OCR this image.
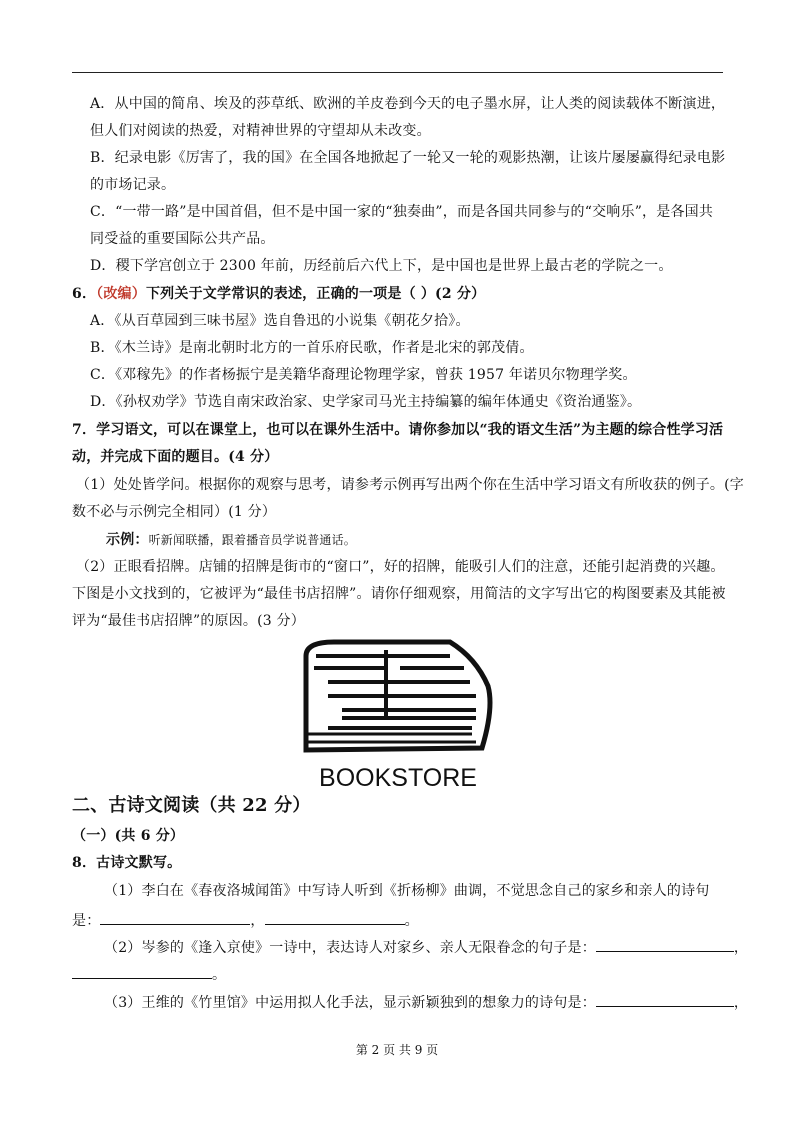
A．从中国的简帛、埃及的莎草纸、欧洲的羊皮卷到今天的电子墨水屏，让人类的阅读载体不断演进，
但人们对阅读的热爱，对精神世界的守望却从未改变。
B．纪录电影《厉害了，我的国》在全国各地掀起了一轮又一轮的观影热潮，让该片屡屡赢得纪录电影
的市场记录。
C．“一带一路”是中国首倡，但不是中国一家的“独奏曲”，而是各国共同参与的“交响乐”，是各国共
同受益的重要国际公共产品。
D．稷下学宫创立于 2300 年前，历经前后六代上下，是中国也是世界上最古老的学院之一。
6．（改编）下列关于文学常识的表述，正确的一项是（ ）(2 分）
A．《从百草园到三味书屋》选自鲁迅的小说集《朝花夕拾》。
B．《木兰诗》是南北朝时北方的一首乐府民歌，作者是北宋的郭茂倩。
C．《邓稼先》的作者杨振宁是美籍华裔理论物理学家，曾获 1957 年诺贝尔物理学奖。
D．《孙权劝学》节选自南宋政治家、史学家司马光主持编纂的编年体通史《资治通鉴》。
7．学习语文，可以在课堂上，也可以在课外生活中。请你参加以“我的语文生活”为主题的综合性学习活
动，并完成下面的题目。(4 分）
（1）处处皆学问。根据你的观察与思考，请参考示例再写出两个你在生活中学习语文有所收获的例子。(字
数不必与示例完全相同）(1 分）
示例：听新闻联播，跟着播音员学说普通话。
（2）正眼看招牌。店铺的招牌是街市的“窗口”，好的招牌，能吸引人们的注意，还能引起消费的兴趣。
下图是小文找到的，它被评为“最佳书店招牌”。请你仔细观察，用简洁的文字写出它的构图要素及其能被
评为“最佳书店招牌”的原因。(3 分）
BOOKSTORE
二、古诗文阅读（共 22 分）
（一）(共 6 分）
8．古诗文默写。
（1）李白在《春夜洛城闻笛》中写诗人听到《折杨柳》曲调，不觉思念自己的家乡和亲人的诗句
是：	，	。
（2）岑参的《逢入京使》一诗中，表达诗人对家乡、亲人无限眷念的句子是：	，
。
（3）王维的《竹里馆》中运用拟人化手法，显示新颖独到的想象力的诗句是：	，
第 2 页 共 9 页
